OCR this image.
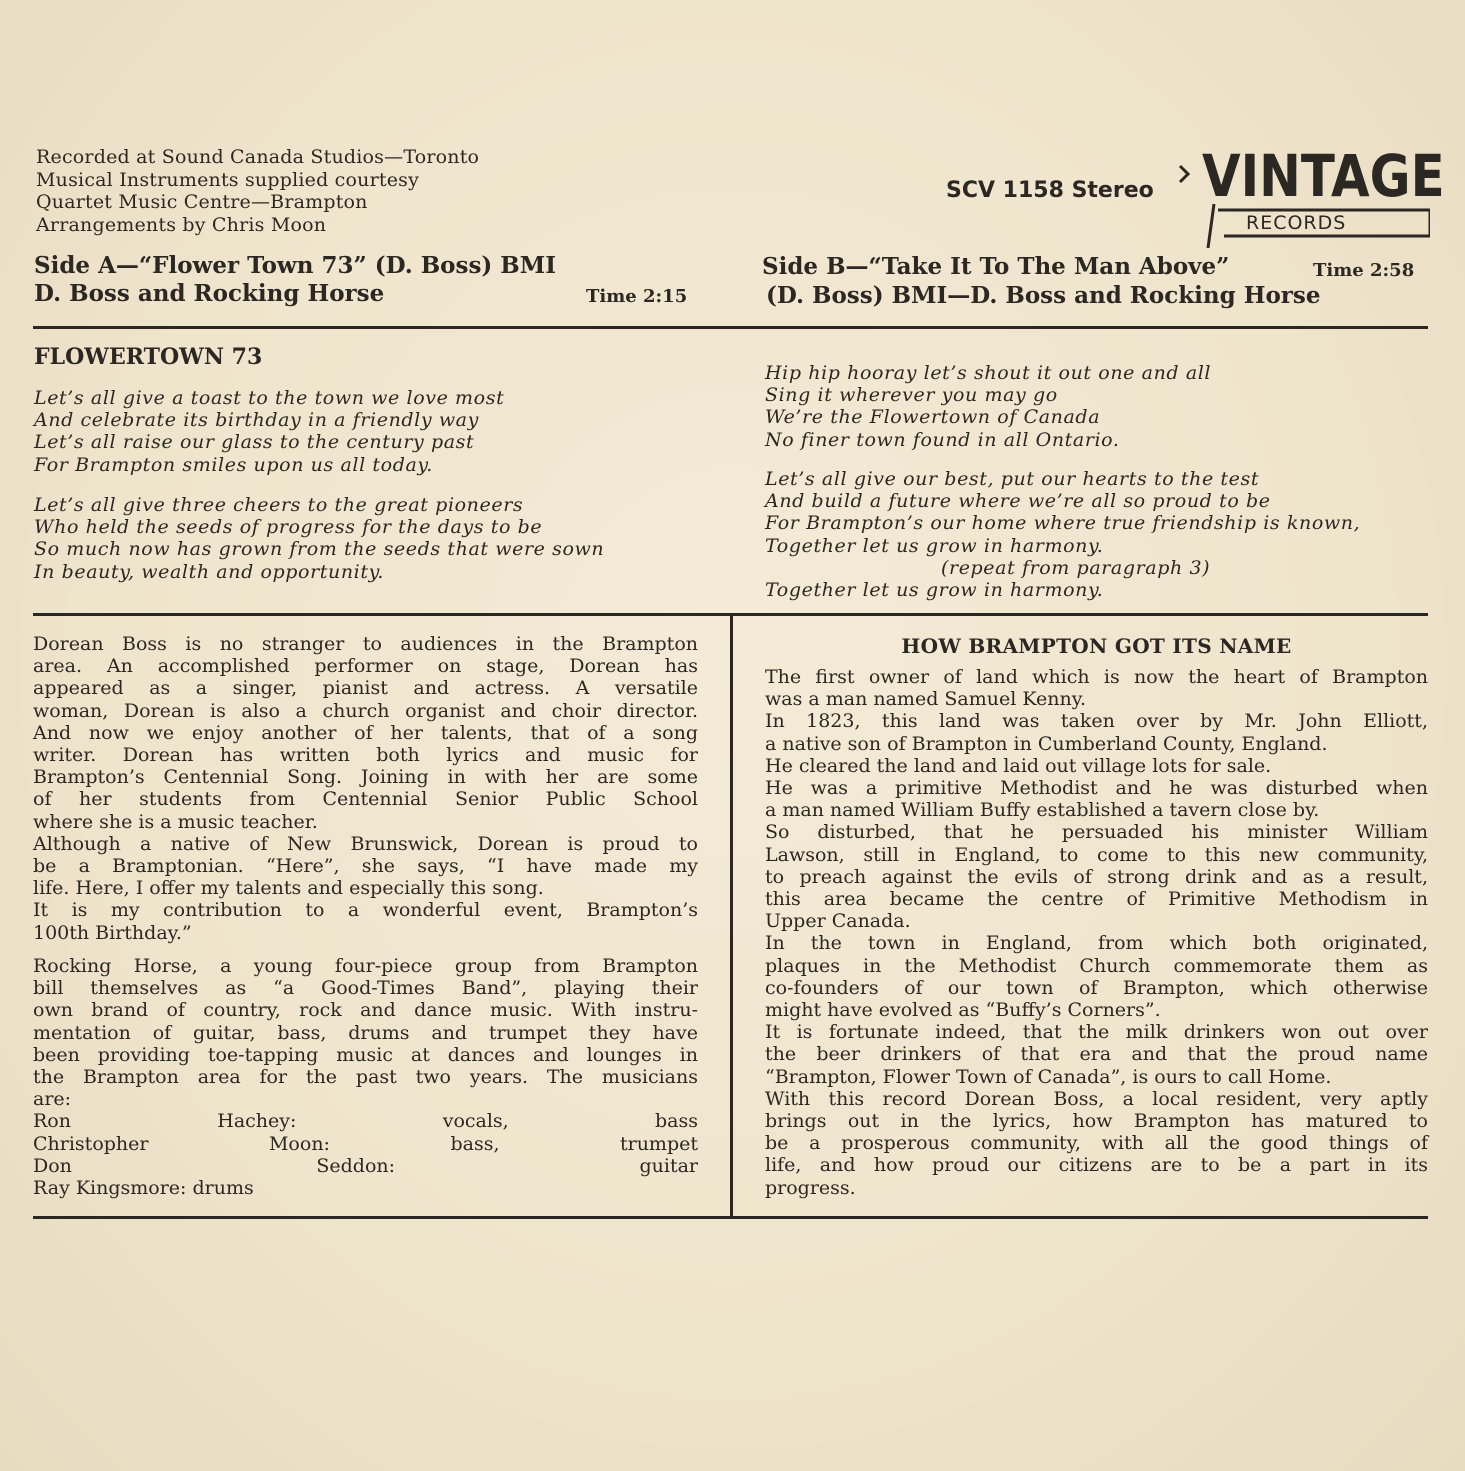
Recorded at Sound Canada Studios—Toronto
Musical Instruments supplied courtesy
Quartet Music Centre—Brampton
Arrangements by Chris Moon
SCV 1158 Stereo VINTAGE
RECORDS
Side A—“Flower Town 73” (D. Boss) BMI
D. Boss and Rocking Horse	Time 2:15
Side B—“Take It To The Man Above”
(D. Boss) BMI—D. Boss and Rocking Horse
Time 2:58
FLOWERTOWN 73
Let’s all give a toast to the town we love most
And celebrate its birthday in a friendly way
Let’s all raise our glass to the century past
For Brampton smiles upon us all today.
Let’s all give three cheers to the great pioneers
Who held the seeds of progress for the days to be
So much now has grown from the seeds that were sown
In beauty, wealth and opportunity.
Hip hip hooray let’s shout it out one and all
Sing it wherever you may go
We’re the Flowertown of Canada
No finer town found in all Ontario.
Let’s all give our best, put our hearts to the test
And build a future where we’re all so proud to be
For Brampton’s our home where true friendship is known,
Together let us grow in harmony.
(repeat from paragraph 3)
Together let us grow in harmony.

Dorean Boss is no stranger to audiences in the Brampton
area. An accomplished performer on stage, Dorean has
appeared as a singer, pianist and actress. A versatile
woman, Dorean is also a church organist and choir director.
And now we enjoy another of her talents, that of a song
writer. Dorean has written both lyrics and music for
Brampton’s Centennial Song. Joining in with her are some
of her students from Centennial Senior Public School
where she is a music teacher.
Although a native of New Brunswick, Dorean is proud to
be a Bramptonian. “Here”, she says, “I have made my
life. Here, I offer my talents and especially this song.
It is my contribution to a wonderful event, Brampton’s
100th Birthday.”

Rocking Horse, a young four-piece group from Brampton
bill themselves as “a Good-Times Band”, playing their
own brand of country, rock and dance music. With instru-
mentation of guitar, bass, drums and trumpet they have
been providing toe-tapping music at dances and lounges in
the Brampton area for the past two years. The musicians
are:
Ron Hachey: vocals, bass
Christopher Moon: bass, trumpet
Don Seddon: guitar
Ray Kingsmore: drums

HOW BRAMPTON GOT ITS NAME

The first owner of land which is now the heart of Brampton
was a man named Samuel Kenny.
In 1823, this land was taken over by Mr. John Elliott,
a native son of Brampton in Cumberland County, England.
He cleared the land and laid out village lots for sale.
He was a primitive Methodist and he was disturbed when
a man named William Buffy established a tavern close by.
So disturbed, that he persuaded his minister William
Lawson, still in England, to come to this new community,
to preach against the evils of strong drink and as a result,
this area became the centre of Primitive Methodism in
Upper Canada.
In the town in England, from which both originated,
plaques in the Methodist Church commemorate them as
co-founders of our town of Brampton, which otherwise
might have evolved as “Buffy’s Corners”.
It is fortunate indeed, that the milk drinkers won out over
the beer drinkers of that era and that the proud name
“Brampton, Flower Town of Canada”, is ours to call Home.
With this record Dorean Boss, a local resident, very aptly
brings out in the lyrics, how Brampton has matured to
be a prosperous community, with all the good things of
life, and how proud our citizens are to be a part in its
progress.
